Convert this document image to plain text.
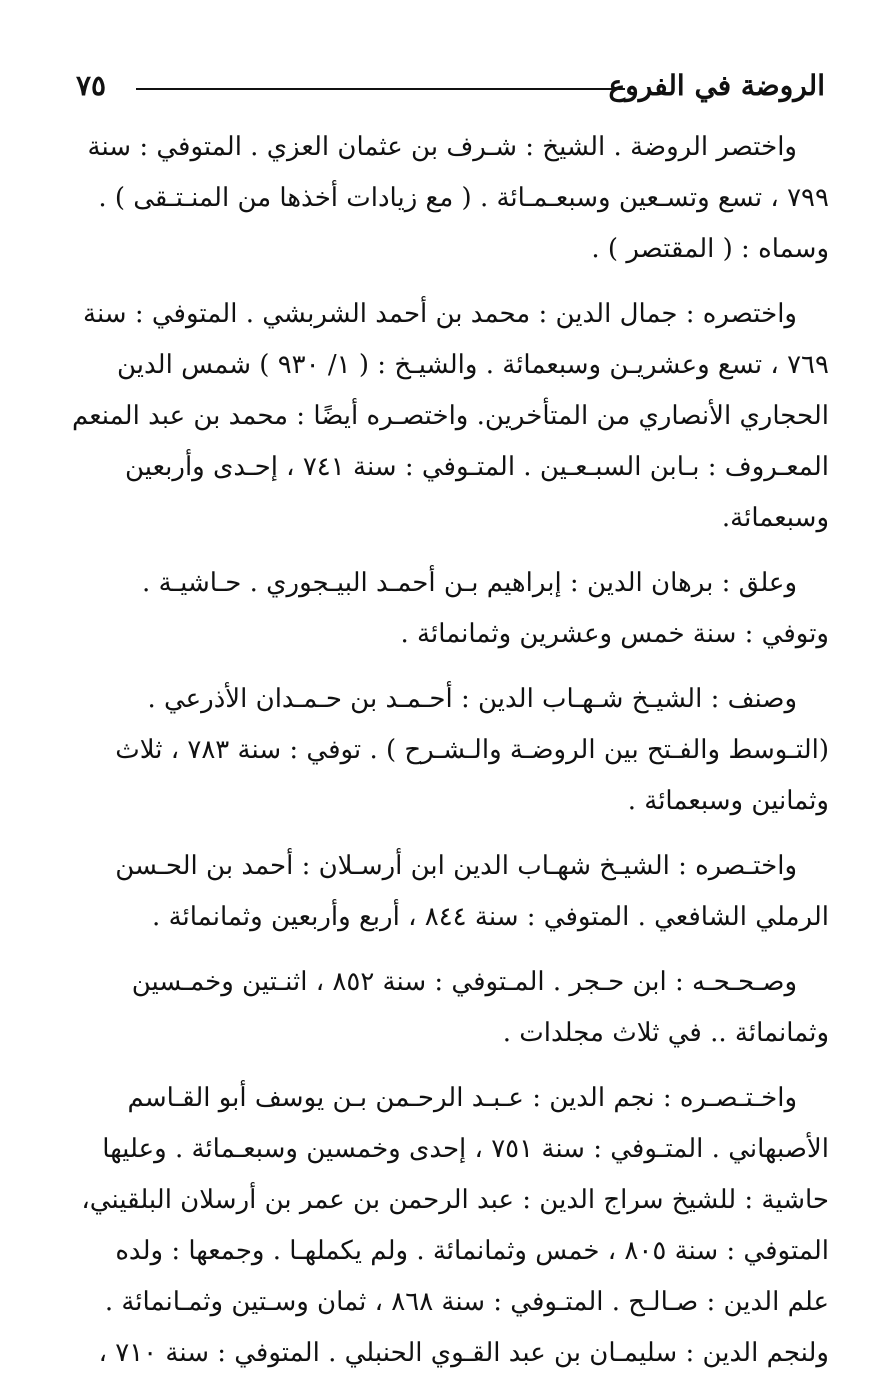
الروضة في الفروع
٧٥

واختصر الروضة . الشيخ : شـرف بن عثمان العزي . المتوفي : سنة
٧٩٩ ، تسع وتسـعين وسبعـمـائة . ( مع زيادات أخذها من المنـتـقى ) .
وسماه : ( المقتصر ) .

واختصره : جمال الدين : محمد بن أحمد الشربشي . المتوفي : سنة
٧٦٩ ، تسع وعشريـن وسبعمائة . والشيـخ : ( ١/ ٩٣٠ ) شمس الدين
الحجاري الأنصاري من المتأخرين. واختصـره أيضًا : محمد بن عبد المنعم
المعـروف : بـابن السبـعـين . المتـوفي : سنة ٧٤١ ، إحـدى وأربعين
وسبعمائة.

وعلق : برهان الدين : إبراهيم بـن أحمـد البيـجوري . حـاشيـة .
وتوفي : سنة خمس وعشرين وثمانمائة .

وصنف : الشيـخ شـهـاب الدين : أحـمـد بن حـمـدان الأذرعي .
(التـوسط والفـتح بين الروضـة والـشـرح ) . توفي : سنة ٧٨٣ ، ثلاث
وثمانين وسبعمائة .

واختـصره : الشيـخ شهـاب الدين ابن أرسـلان : أحمد بن الحـسن
الرملي الشافعي . المتوفي : سنة ٨٤٤ ، أربع وأربعين وثمانمائة .

وصـحـحـه : ابن حـجر . المـتوفي : سنة ٨٥٢ ، اثنـتين وخمـسين
وثمانمائة .. في ثلاث مجلدات .

واخـتـصـره : نجم الدين : عـبـد الرحـمن بـن يوسف أبو القـاسم
الأصبهاني . المتـوفي : سنة ٧٥١ ، إحدى وخمسين وسبعـمائة . وعليها
حاشية : للشيخ سراج الدين : عبد الرحمن بن عمر بن أرسلان البلقيني،
المتوفي : سنة ٨٠٥ ، خمس وثمانمائة . ولم يكملهـا . وجمعها : ولده
علم الدين : صـالـح . المتـوفي : سنة ٨٦٨ ، ثمان وسـتين وثمـانمائة .
ولنجم الدين : سليمـان بن عبد القـوي الحنبلي . المتوفي : سنة ٧١٠ ،
